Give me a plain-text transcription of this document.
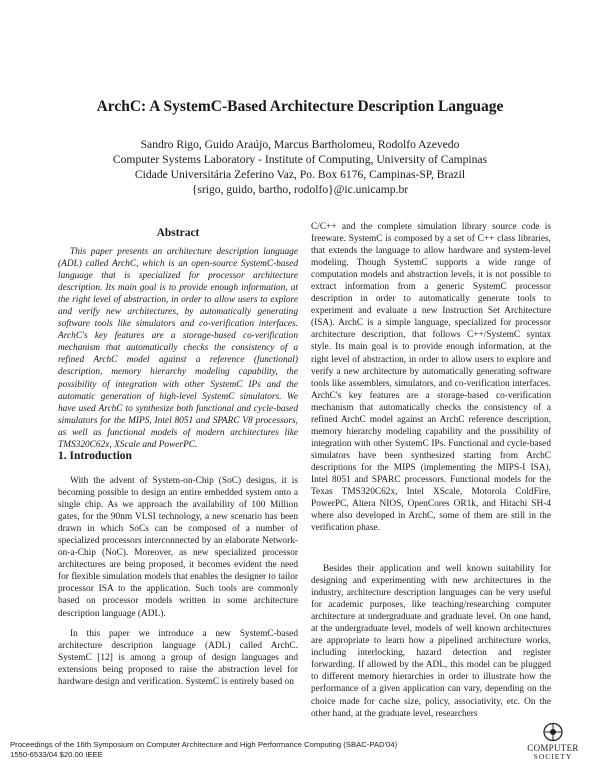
ArchC: A SystemC-Based Architecture Description Language
Sandro Rigo, Guido Araújo, Marcus Bartholomeu, Rodolfo Azevedo
Computer Systems Laboratory - Institute of Computing, University of Campinas
Cidade Universitária Zeferino Vaz, Po. Box 6176, Campinas-SP, Brazil
{srigo, guido, bartho, rodolfo}@ic.unicamp.br
Abstract

This paper presents an architecture description language (ADL) called ArchC, which is an open-source SystemC-based language that is specialized for processor architecture description. Its main goal is to provide enough information, at the right level of abstraction, in order to allow users to explore and verify new architectures, by automatically generating software tools like simulators and co-verification interfaces. ArchC's key features are a storage-based co-verification mechanism that automatically checks the consistency of a refined ArchC model against a reference (functional) description, memory hierarchy modeling capability, the possibility of integration with other SystemC IPs and the automatic generation of high-level SystemC simulators. We have used ArchC to synthesize both functional and cycle-based simulators for the MIPS, Intel 8051 and SPARC V8 processors, as well as functional models of modern architectures like TMS320C62x, XScale and PowerPC.

1. Introduction

With the advent of System-on-Chip (SoC) designs, it is becoming possible to design an entire embedded system onto a single chip. As we approach the availability of 100 Million gates, for the 90nm VLSI technology, a new scenario has been drawn in which SoCs can be composed of a number of specialized processors interconnected by an elaborate Network-on-a-Chip (NoC). Moreover, as new specialized processor architectures are being proposed, it becomes evident the need for flexible simulation models that enables the designer to tailor processor ISA to the application. Such tools are commonly based on processor models written in some architecture description language (ADL).

In this paper we introduce a new SystemC-based architecture description language (ADL) called ArchC. SystemC [12] is among a group of design languages and extensions being proposed to raise the abstraction level for hardware design and verification. SystemC is entirely based on

C/C++ and the complete simulation library source code is freeware. SystemC is composed by a set of C++ class libraries, that extends the language to allow hardware and system-level modeling. Though SystemC supports a wide range of computation models and abstraction levels, it is not possible to extract information from a generic SystemC processor description in order to automatically generate tools to experiment and evaluate a new Instruction Set Architecture (ISA). ArchC is a simple language, specialized for processor architecture description, that follows C++/SystemC syntax style. Its main goal is to provide enough information, at the right level of abstraction, in order to allow users to explore and verify a new architecture by automatically generating software tools like assemblers, simulators, and co-verification interfaces. ArchC's key features are a storage-based co-verification mechanism that automatically checks the consistency of a refined ArchC model against an ArchC reference description, memory hierarchy modeling capability and the possibility of integration with other SystemC IPs. Functional and cycle-based simulators have been synthesized starting from ArchC descriptions for the MIPS (implementing the MIPS-I ISA), Intel 8051 and SPARC processors. Functional models for the Texas TMS320C62x, Intel XScale, Motorola ColdFire, PowerPC, Altera NIOS, OpenCores OR1k, and Hitachi SH-4 where also developed in ArchC, some of them are still in the verification phase.

Besides their application and well known suitability for designing and experimenting with new architectures in the industry, architecture description languages can be very useful for academic purposes, like teaching/researching computer architecture at undergraduate and graduate level. On one hand, at the undergraduate level, models of well known architectures are appropriate to learn how a pipelined architecture works, including interlocking, hazard detection and register forwarding. If allowed by the ADL, this model can be plugged to different memory hierarchies in order to illustrate how the performance of a given application can vary, depending on the choice made for cache size, policy, associativity, etc. On the other hand, at the graduate level, researchers

Proceedings of the 16th Symposium on Computer Architecture and High Performance Computing (SBAC-PAD'04)
1550-6533/04 $20.00 IEEE
COMPUTER
SOCIETY
